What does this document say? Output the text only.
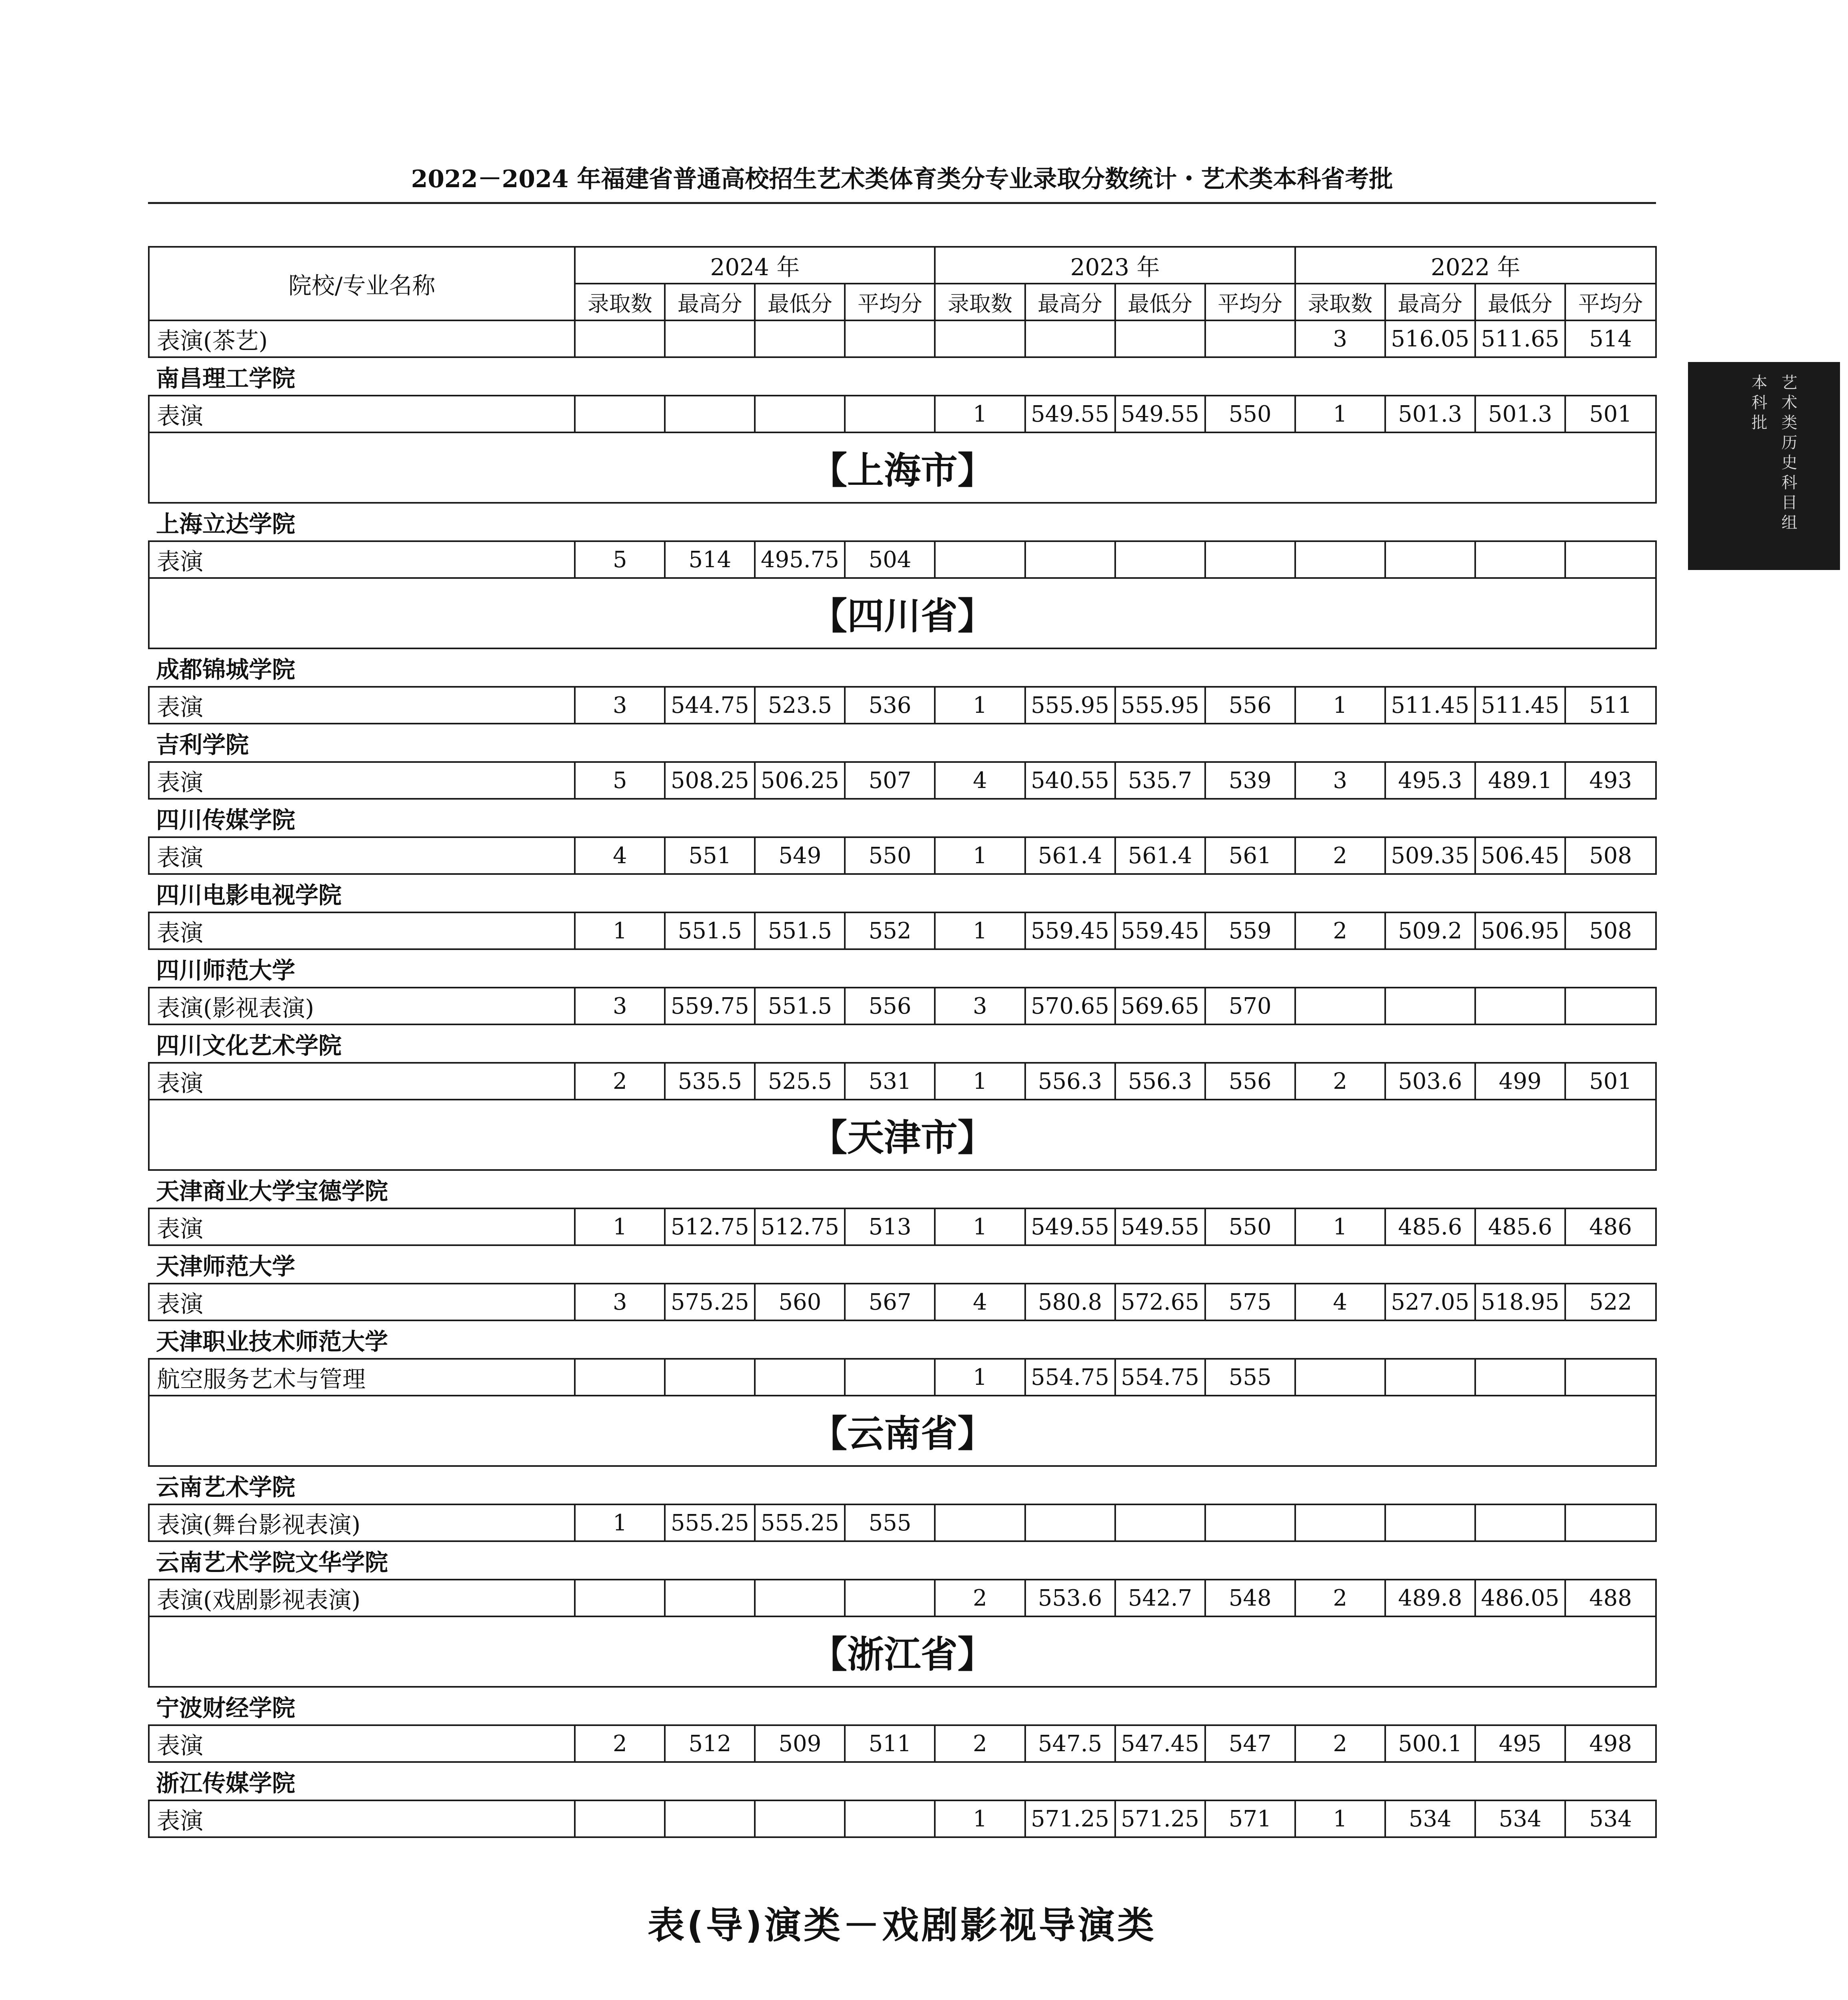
2022－2024 年福建省普通高校招生艺术类体育类分专业录取分数统计・艺术类本科省考批
艺术类历史科目组
本科批
院校/专业名称	2024 年				2023 年				2022 年			
	录取数	最高分	最低分	平均分	录取数	最高分	最低分	平均分	录取数	最高分	最低分	平均分
表演(茶艺)									3	516.05	511.65	514
南昌理工学院												
表演					1	549.55	549.55	550	1	501.3	501.3	501
【上海市】												
上海立达学院												
表演	5	514	495.75	504								
【四川省】												
成都锦城学院												
表演	3	544.75	523.5	536	1	555.95	555.95	556	1	511.45	511.45	511
吉利学院												
表演	5	508.25	506.25	507	4	540.55	535.7	539	3	495.3	489.1	493
四川传媒学院												
表演	4	551	549	550	1	561.4	561.4	561	2	509.35	506.45	508
四川电影电视学院												
表演	1	551.5	551.5	552	1	559.45	559.45	559	2	509.2	506.95	508
四川师范大学												
表演(影视表演)	3	559.75	551.5	556	3	570.65	569.65	570				
四川文化艺术学院												
表演	2	535.5	525.5	531	1	556.3	556.3	556	2	503.6	499	501
【天津市】												
天津商业大学宝德学院												
表演	1	512.75	512.75	513	1	549.55	549.55	550	1	485.6	485.6	486
天津师范大学												
表演	3	575.25	560	567	4	580.8	572.65	575	4	527.05	518.95	522
天津职业技术师范大学												
航空服务艺术与管理					1	554.75	554.75	555				
【云南省】												
云南艺术学院												
表演(舞台影视表演)	1	555.25	555.25	555								
云南艺术学院文华学院												
表演(戏剧影视表演)					2	553.6	542.7	548	2	489.8	486.05	488
【浙江省】												
宁波财经学院												
表演	2	512	509	511	2	547.5	547.45	547	2	500.1	495	498
浙江传媒学院												
表演					1	571.25	571.25	571	1	534	534	534
表(导)演类－戏剧影视导演类
